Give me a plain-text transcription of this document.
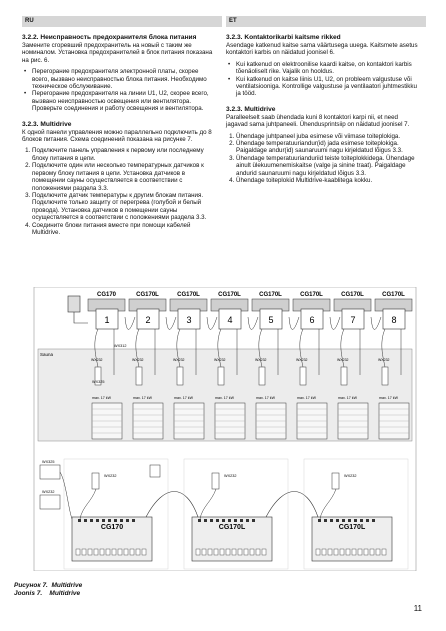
RU	ET
3.2.2. Неисправность предохранителя блока питания

Замените сгоревший предохранитель на новый с таким же номиналом. Установка предохранителей в блок питания показана на рис. 6.

• Перегорание предохранителя электронной платы, скорее всего, вызвано неисправностью блока питания. Необходимо техническое обслуживание.
• Перегорание предохранителя на линии U1, U2, скорее всего, вызвано неисправностью освещения или вентилятора. Проверьте соединения и работу освещения и вентилятора.
3.2.3. Multidrive

К одной панели управления можно параллельно подключить до 8 блоков питания. Схема соединений показана на рисунке 7.

1. Подключите панель управления к первому или последнему блоку питания в цепи.
2. Подключите один или несколько температурных датчиков к первому блоку питания в цепи. Установка датчиков в помещении сауны осуществляется в соответствии с положениями раздела 3.3.
3. Подключите датчик температуры к другим блокам питания. Подключите только защиту от перегрева (голубой и белый провода). Установка датчиков в помещении сауны осуществляется в соответствии с положениями раздела 3.3.
4. Соедините блоки питания вместе при помощи кабелей Multidrive.
3.2.3. Kontaktorikarbi kaitsme rikked

Asendage katkenud kaitse sama väärtusega uuega. Kaitsmete asetus kontaktori karbis on näidatud joonisel 6.

• Kui katkenud on elektroonilise kaardi kaitse, on kontaktori karbis tõenäoliselt rike. Vajalik on hooldus.
• Kui katkenud on kaitse liinis U1, U2, on probleem valgustuse või ventilatsiooniga. Kontrollige valgustuse ja ventilaatori juhtmestikku ja tööd.
3.2.3. Multidrive

Paralleelselt saab ühendada kuni 8 kontaktori karpi nii, et need jagavad sama juhtpaneeli. Ühendusprintsiip on näidatud joonisel 7.

1. Ühendage juhtpaneel juba esimese või viimase toiteplokiga.
2. Ühendage temperatuuriandur(id) jada esimese toiteplokiga. Paigaldage andur(id) saunaruumi nagu kirjeldatud lõigus 3.3.
3. Ühendage temperatuurianduriid teiste toiteplokkidega. Ühendage ainult ülekuumenemiskaitse (valge ja sinine traat). Paigaldage andurid saunaruumi nagu kirjeldatud lõigus 3.3.
4. Ühendage toiteplokid Multidrive-kaablitega kokku.
Sauna
CG170
1
WX232
max. 17 kW
CG170L
2
WX232
max. 17 kW
CG170L
3
WX232
max. 17 kW
CG170L
4
WX232
max. 17 kW
CG170L
5
WX232
max. 17 kW
CG170L
6
WX232
max. 17 kW
CG170L
7
WX232
max. 17 kW
CG170L
8
WX232
max. 17 kW
WX312
WX325
CG170
WX232
CG170L
WX232
CG170L
WX232
WX325
WX232
Рисунок 7. Multidrive
Joonis 7. Multidrive
11
